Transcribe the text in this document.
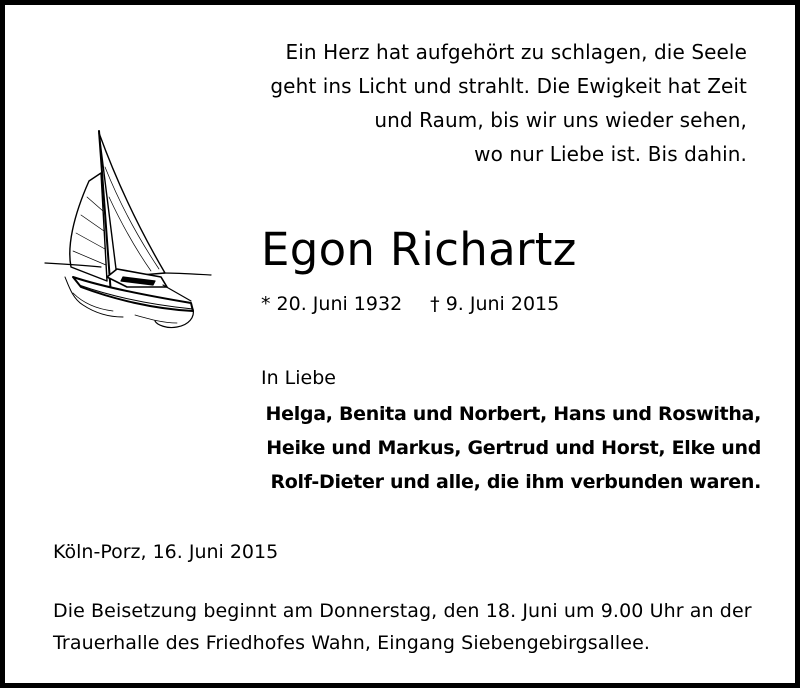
Ein Herz hat aufgehört zu schlagen, die Seele
geht ins Licht und strahlt. Die Ewigkeit hat Zeit
und Raum, bis wir uns wieder sehen,
wo nur Liebe ist. Bis dahin.
Egon Richartz
* 20. Juni 1932 † 9. Juni 2015
In Liebe
Helga, Benita und Norbert, Hans und Roswitha,
Heike und Markus, Gertrud und Horst, Elke und
Rolf-Dieter und alle, die ihm verbunden waren.
Köln-Porz, 16. Juni 2015
Die Beisetzung beginnt am Donnerstag, den 18. Juni um 9.00 Uhr an der
Trauerhalle des Friedhofes Wahn, Eingang Siebengebirgsallee.
